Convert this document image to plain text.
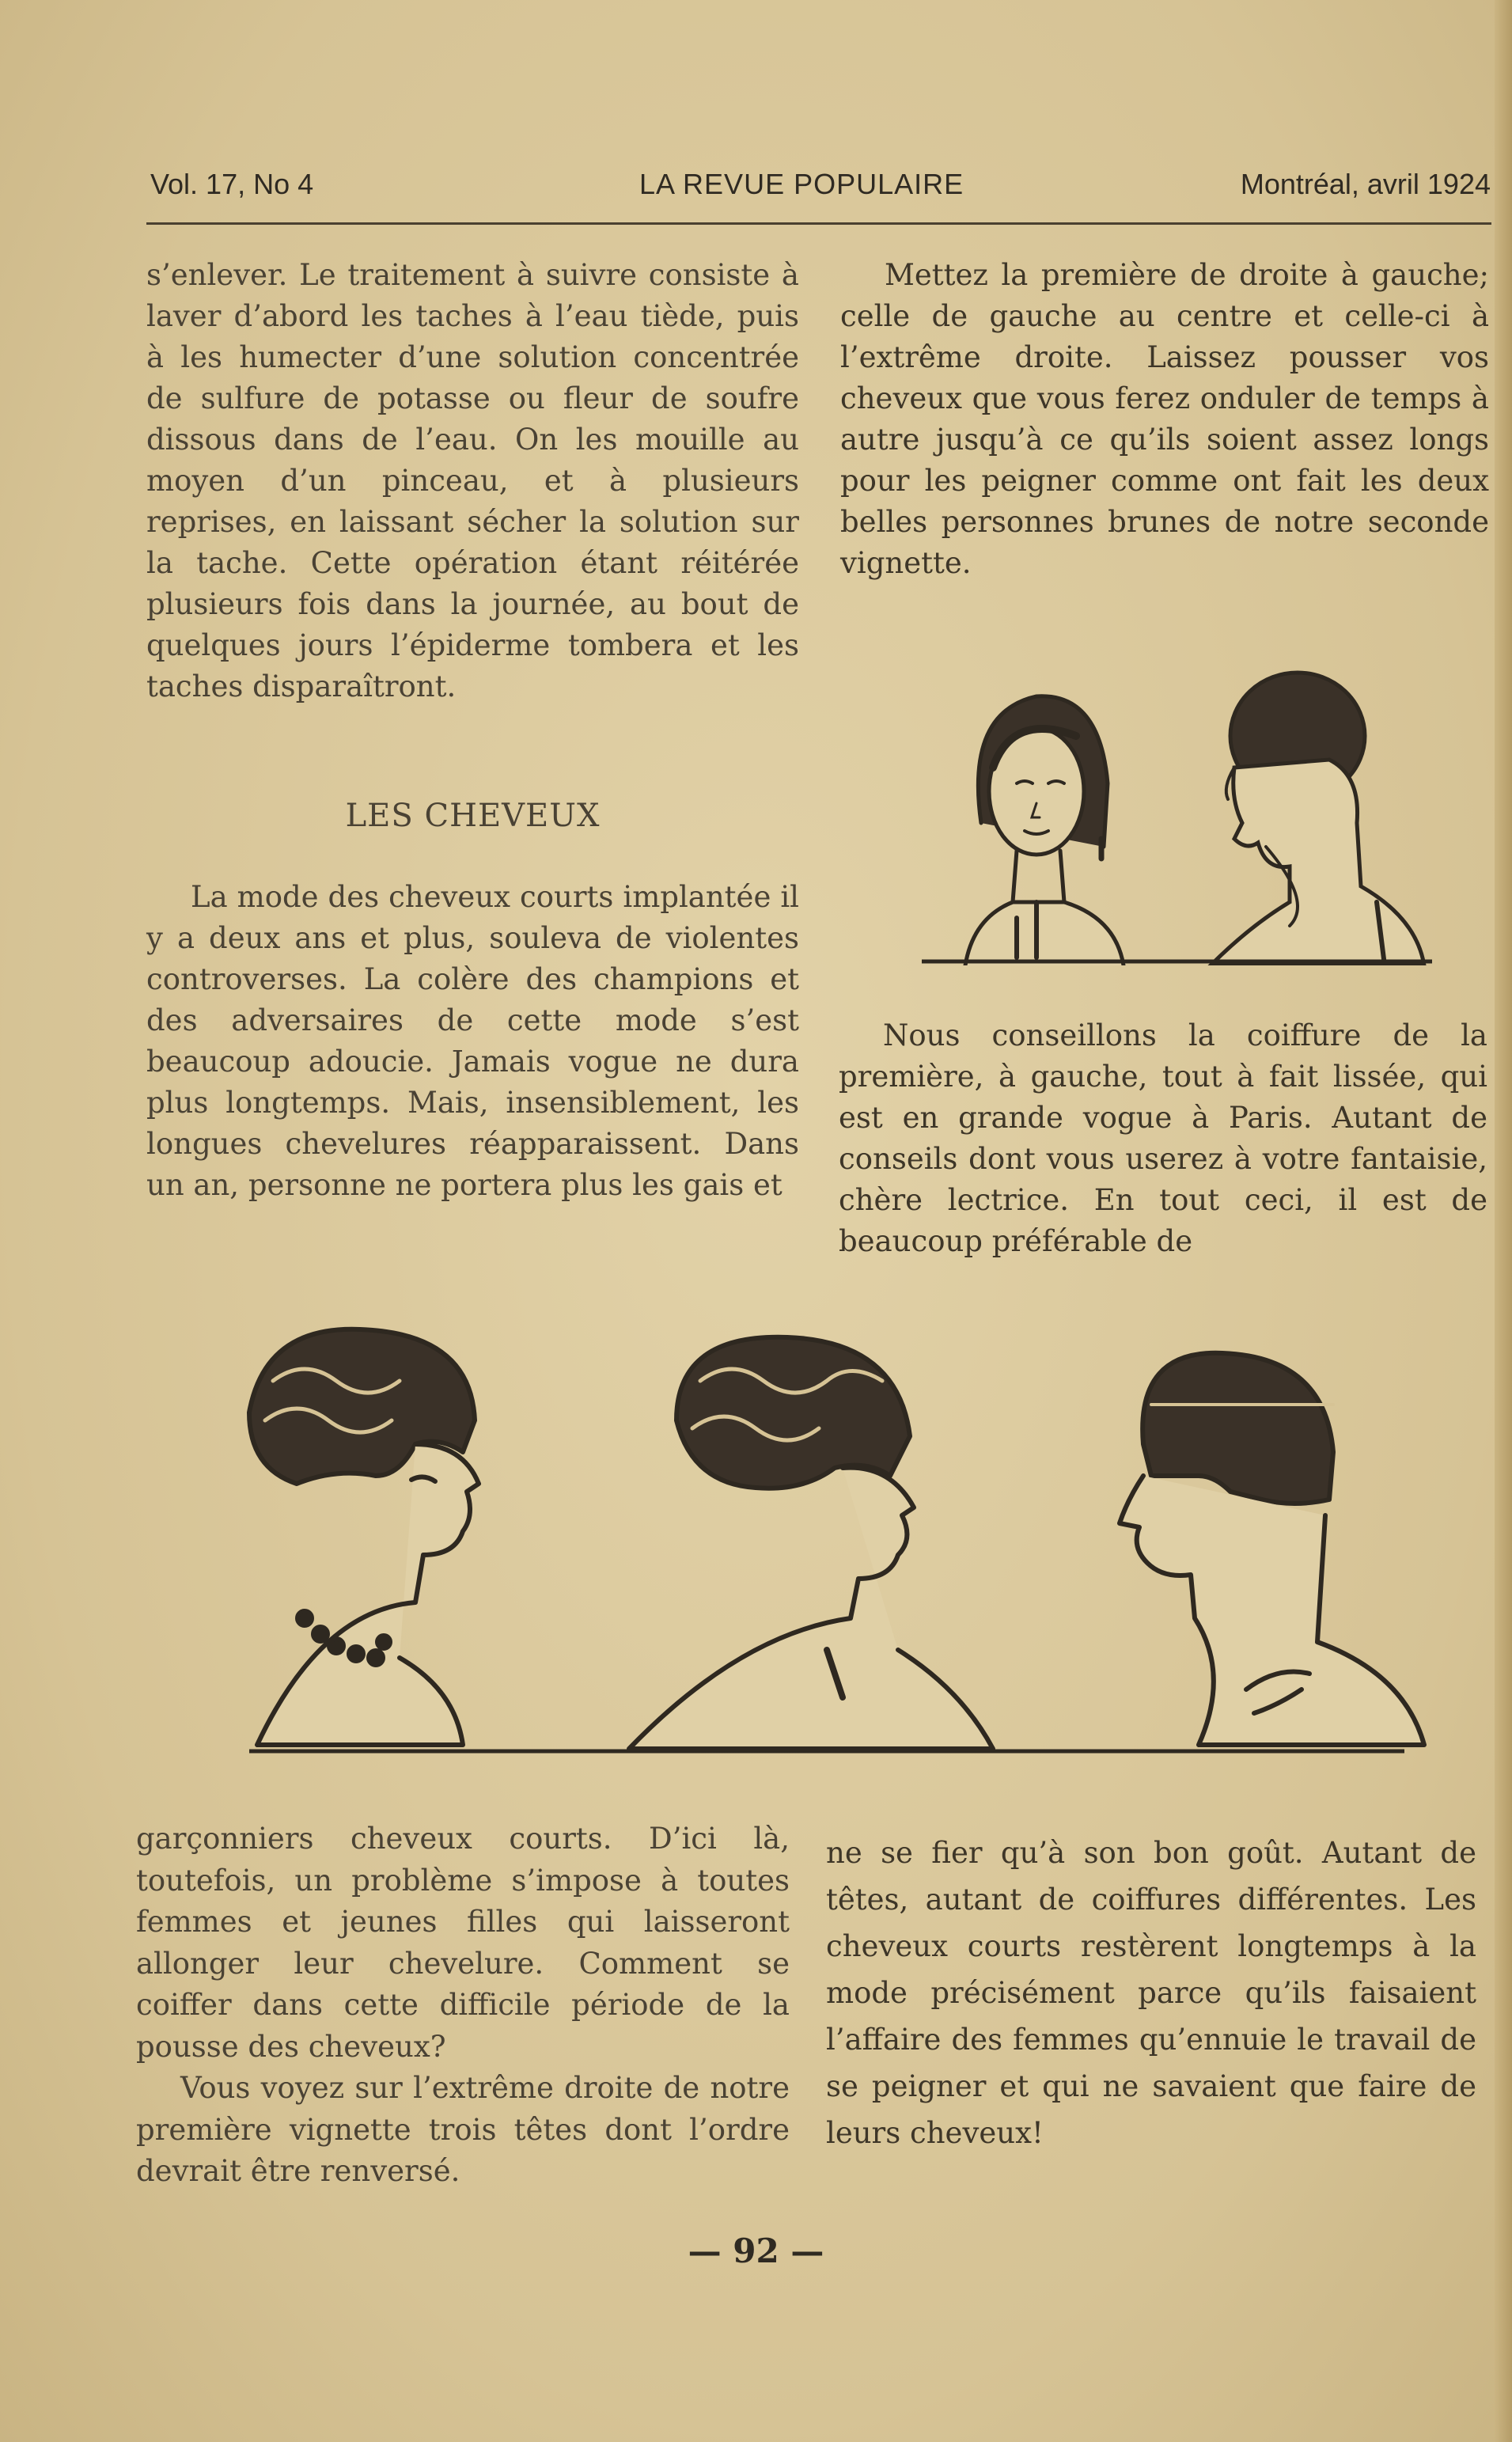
Vol. 17, No 4	LA REVUE POPULAIRE	Montréal, avril 1924

s’enlever. Le traitement à suivre consiste à laver d’abord les taches à l’eau tiède, puis à les humecter d’une solution concentrée de sulfure de potasse ou fleur de soufre dissous dans de l’eau. On les mouille au moyen d’un pinceau, et à plusieurs reprises, en laissant sécher la solution sur la tache. Cette opération étant réitérée plusieurs fois dans la journée, au bout de quelques jours l’épiderme tombera et les taches disparaîtront.

Mettez la première de droite à gauche; celle de gauche au centre et celle-ci à l’extrême droite. Laissez pousser vos cheveux que vous ferez onduler de temps à autre jusqu’à ce qu’ils soient assez longs pour les peigner comme ont fait les deux belles personnes brunes de notre seconde vignette.

LES CHEVEUX

La mode des cheveux courts implantée il y a deux ans et plus, souleva de violentes controverses. La colère des champions et des adversaires de cette mode s’est beaucoup adoucie. Jamais vogue ne dura plus longtemps. Mais, insensiblement, les longues chevelures réapparaissent. Dans un an, personne ne portera plus les gais et

Nous conseillons la coiffure de la première, à gauche, tout à fait lissée, qui est en grande vogue à Paris. Autant de conseils dont vous userez à votre fantaisie, chère lectrice. En tout ceci, il est de beaucoup préférable de

garçonniers cheveux courts. D’ici là, toutefois, un problème s’impose à toutes femmes et jeunes filles qui laisseront allonger leur chevelure. Comment se coiffer dans cette difficile période de la pousse des cheveux?

Vous voyez sur l’extrême droite de notre première vignette trois têtes dont l’ordre devrait être renversé.

ne se fier qu’à son bon goût. Autant de têtes, autant de coiffures différentes. Les cheveux courts restèrent longtemps à la mode précisément parce qu’ils faisaient l’affaire des femmes qu’ennuie le travail de se peigner et qui ne savaient que faire de leurs cheveux!

— 92 —
